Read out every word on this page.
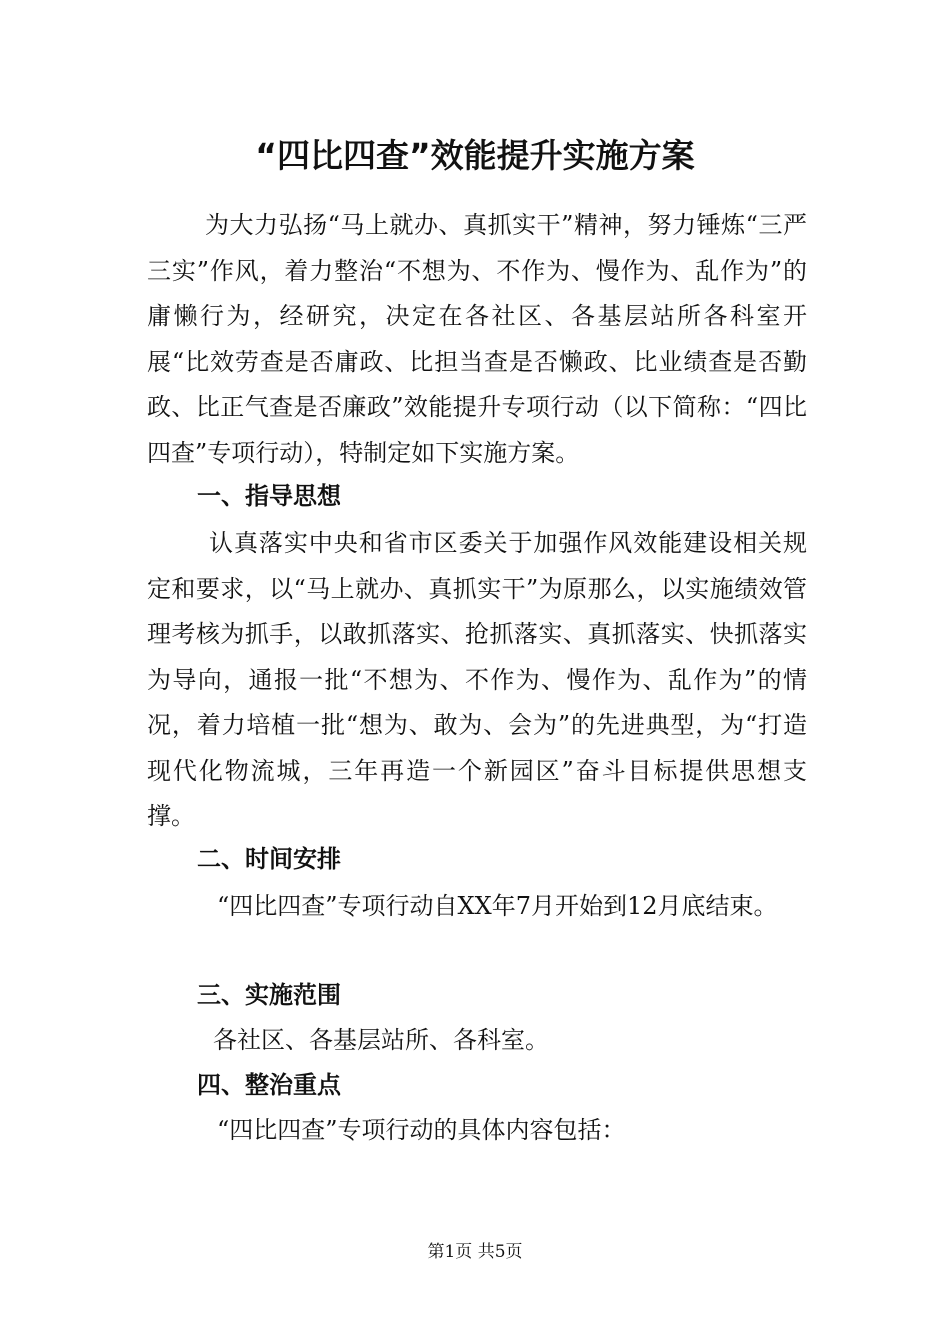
“四比四查”效能提升实施方案

为大力弘扬“马上就办、真抓实干”精神，努力锤炼“三严三实”作风，着力整治“不想为、不作为、慢作为、乱作为”的庸懒行为，经研究，决定在各社区、各基层站所各科室开展“比效劳查是否庸政、比担当查是否懒政、比业绩查是否勤政、比正气查是否廉政”效能提升专项行动（以下简称：“四比四查”专项行动），特制定如下实施方案。

一、指导思想

认真落实中央和省市区委关于加强作风效能建设相关规定和要求，以“马上就办、真抓实干”为原那么，以实施绩效管理考核为抓手，以敢抓落实、抢抓落实、真抓落实、快抓落实为导向，通报一批“不想为、不作为、慢作为、乱作为”的情况，着力培植一批“想为、敢为、会为”的先进典型，为“打造现代化物流城，三年再造一个新园区”奋斗目标提供思想支撑。

二、时间安排

“四比四查”专项行动自XX年7月开始到12月底结束。

三、实施范围

各社区、各基层站所、各科室。

四、整治重点

“四比四查”专项行动的具体内容包括：

第1页 共5页
